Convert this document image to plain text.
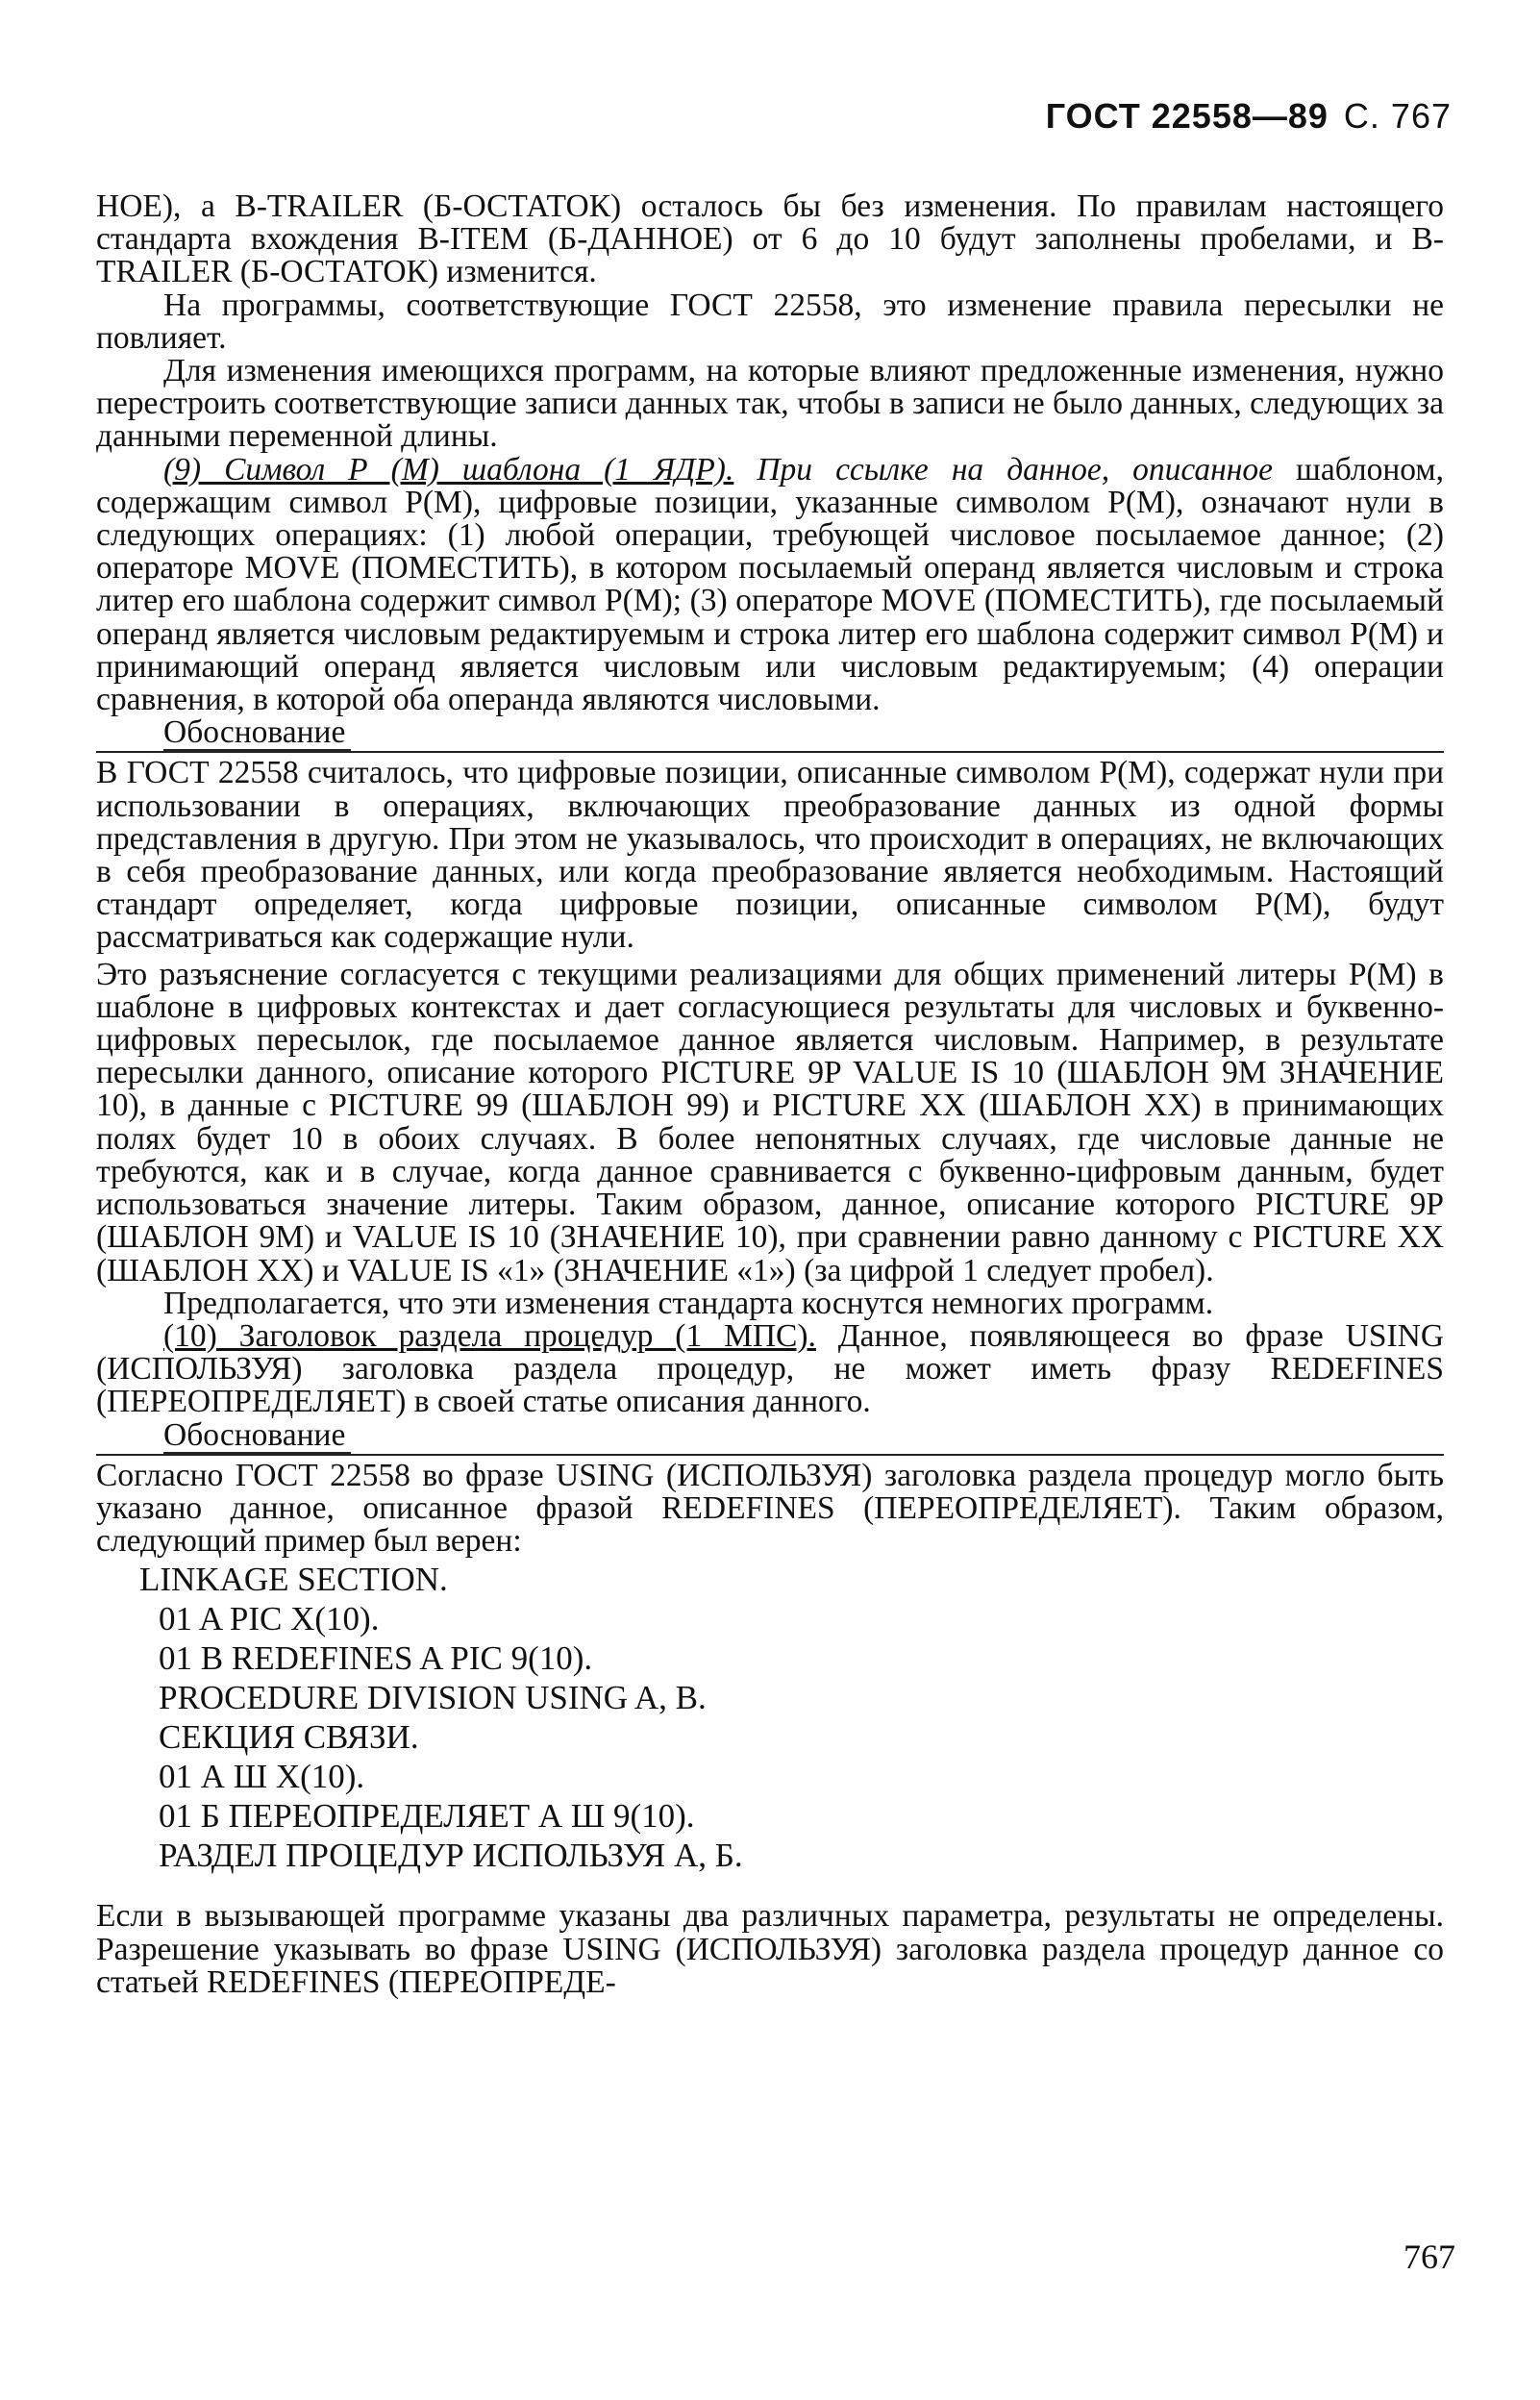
ГОСТ 22558—89 С. 767

НОЕ), а B-TRAILER (Б-ОСТАТОК) осталось бы без изменения. По правилам настоящего стандарта вхождения B-ITEM (Б-ДАННОЕ) от 6 до 10 будут заполнены пробелами, и B-TRAILER (Б-ОСТАТОК) изменится.

На программы, соответствующие ГОСТ 22558, это изменение правила пересылки не повлияет.

Для изменения имеющихся программ, на которые влияют предложенные изменения, нужно перестроить соответствующие записи данных так, чтобы в записи не было данных, следующих за данными переменной длины.

(9) Символ Р (М) шаблона (1 ЯДР). При ссылке на данное, описанное шаблоном, содержащим символ Р(М), цифровые позиции, указанные символом Р(М), означают нули в следующих операциях: (1) любой операции, требующей числовое посылаемое данное; (2) операторе MOVE (ПОМЕСТИТЬ), в котором посылаемый операнд является числовым и строка литер его шаблона содержит символ Р(М); (3) операторе MOVE (ПОМЕСТИТЬ), где посылаемый операнд является числовым редактируемым и строка литер его шаблона содержит символ Р(М) и принимающий операнд является числовым или числовым редактируемым; (4) операции сравнения, в которой оба операнда являются числовыми.

Обоснование

В ГОСТ 22558 считалось, что цифровые позиции, описанные символом Р(М), содержат нули при использовании в операциях, включающих преобразование данных из одной формы представления в другую. При этом не указывалось, что происходит в операциях, не включающих в себя преобразование данных, или когда преобразование является необходимым. Настоящий стандарт определяет, когда цифровые позиции, описанные символом Р(М), будут рассматриваться как содержащие нули.

Это разъяснение согласуется с текущими реализациями для общих применений литеры Р(М) в шаблоне в цифровых контекстах и дает согласующиеся результаты для числовых и буквенно-цифровых пересылок, где посылаемое данное является числовым. Например, в результате пересылки данного, описание которого PICTURE 9P VALUE IS 10 (ШАБЛОН 9М ЗНАЧЕНИЕ 10), в данные с PICTURE 99 (ШАБЛОН 99) и PICTURE XX (ШАБЛОН XX) в принимающих полях будет 10 в обоих случаях. В более непонятных случаях, где числовые данные не требуются, как и в случае, когда данное сравнивается с буквенно-цифровым данным, будет использоваться значение литеры. Таким образом, данное, описание которого PICTURE 9P (ШАБЛОН 9М) и VALUE IS 10 (ЗНАЧЕНИЕ 10), при сравнении равно данному с PICTURE XX (ШАБЛОН XX) и VALUE IS «1» (ЗНАЧЕНИЕ «1») (за цифрой 1 следует пробел).

Предполагается, что эти изменения стандарта коснутся немногих программ.

(10) Заголовок раздела процедур (1 МПС). Данное, появляющееся во фразе USING (ИСПОЛЬЗУЯ) заголовка раздела процедур, не может иметь фразу REDEFINES (ПЕРЕОПРЕДЕЛЯЕТ) в своей статье описания данного.

Обоснование

Согласно ГОСТ 22558 во фразе USING (ИСПОЛЬЗУЯ) заголовка раздела процедур могло быть указано данное, описанное фразой REDEFINES (ПЕРЕОПРЕДЕЛЯЕТ). Таким образом, следующий пример был верен:

LINKAGE SECTION.
01 A PIC X(10).
01 B REDEFINES A PIC 9(10).
PROCEDURE DIVISION USING A, B.
СЕКЦИЯ СВЯЗИ.
01 А Ш Х(10).
01 Б ПЕРЕОПРЕДЕЛЯЕТ А Ш 9(10).
РАЗДЕЛ ПРОЦЕДУР ИСПОЛЬЗУЯ А, Б.

Если в вызывающей программе указаны два различных параметра, результаты не определены. Разрешение указывать во фразе USING (ИСПОЛЬЗУЯ) заголовка раздела процедур данное со статьей REDEFINES (ПЕРЕОПРЕДЕ-

767
